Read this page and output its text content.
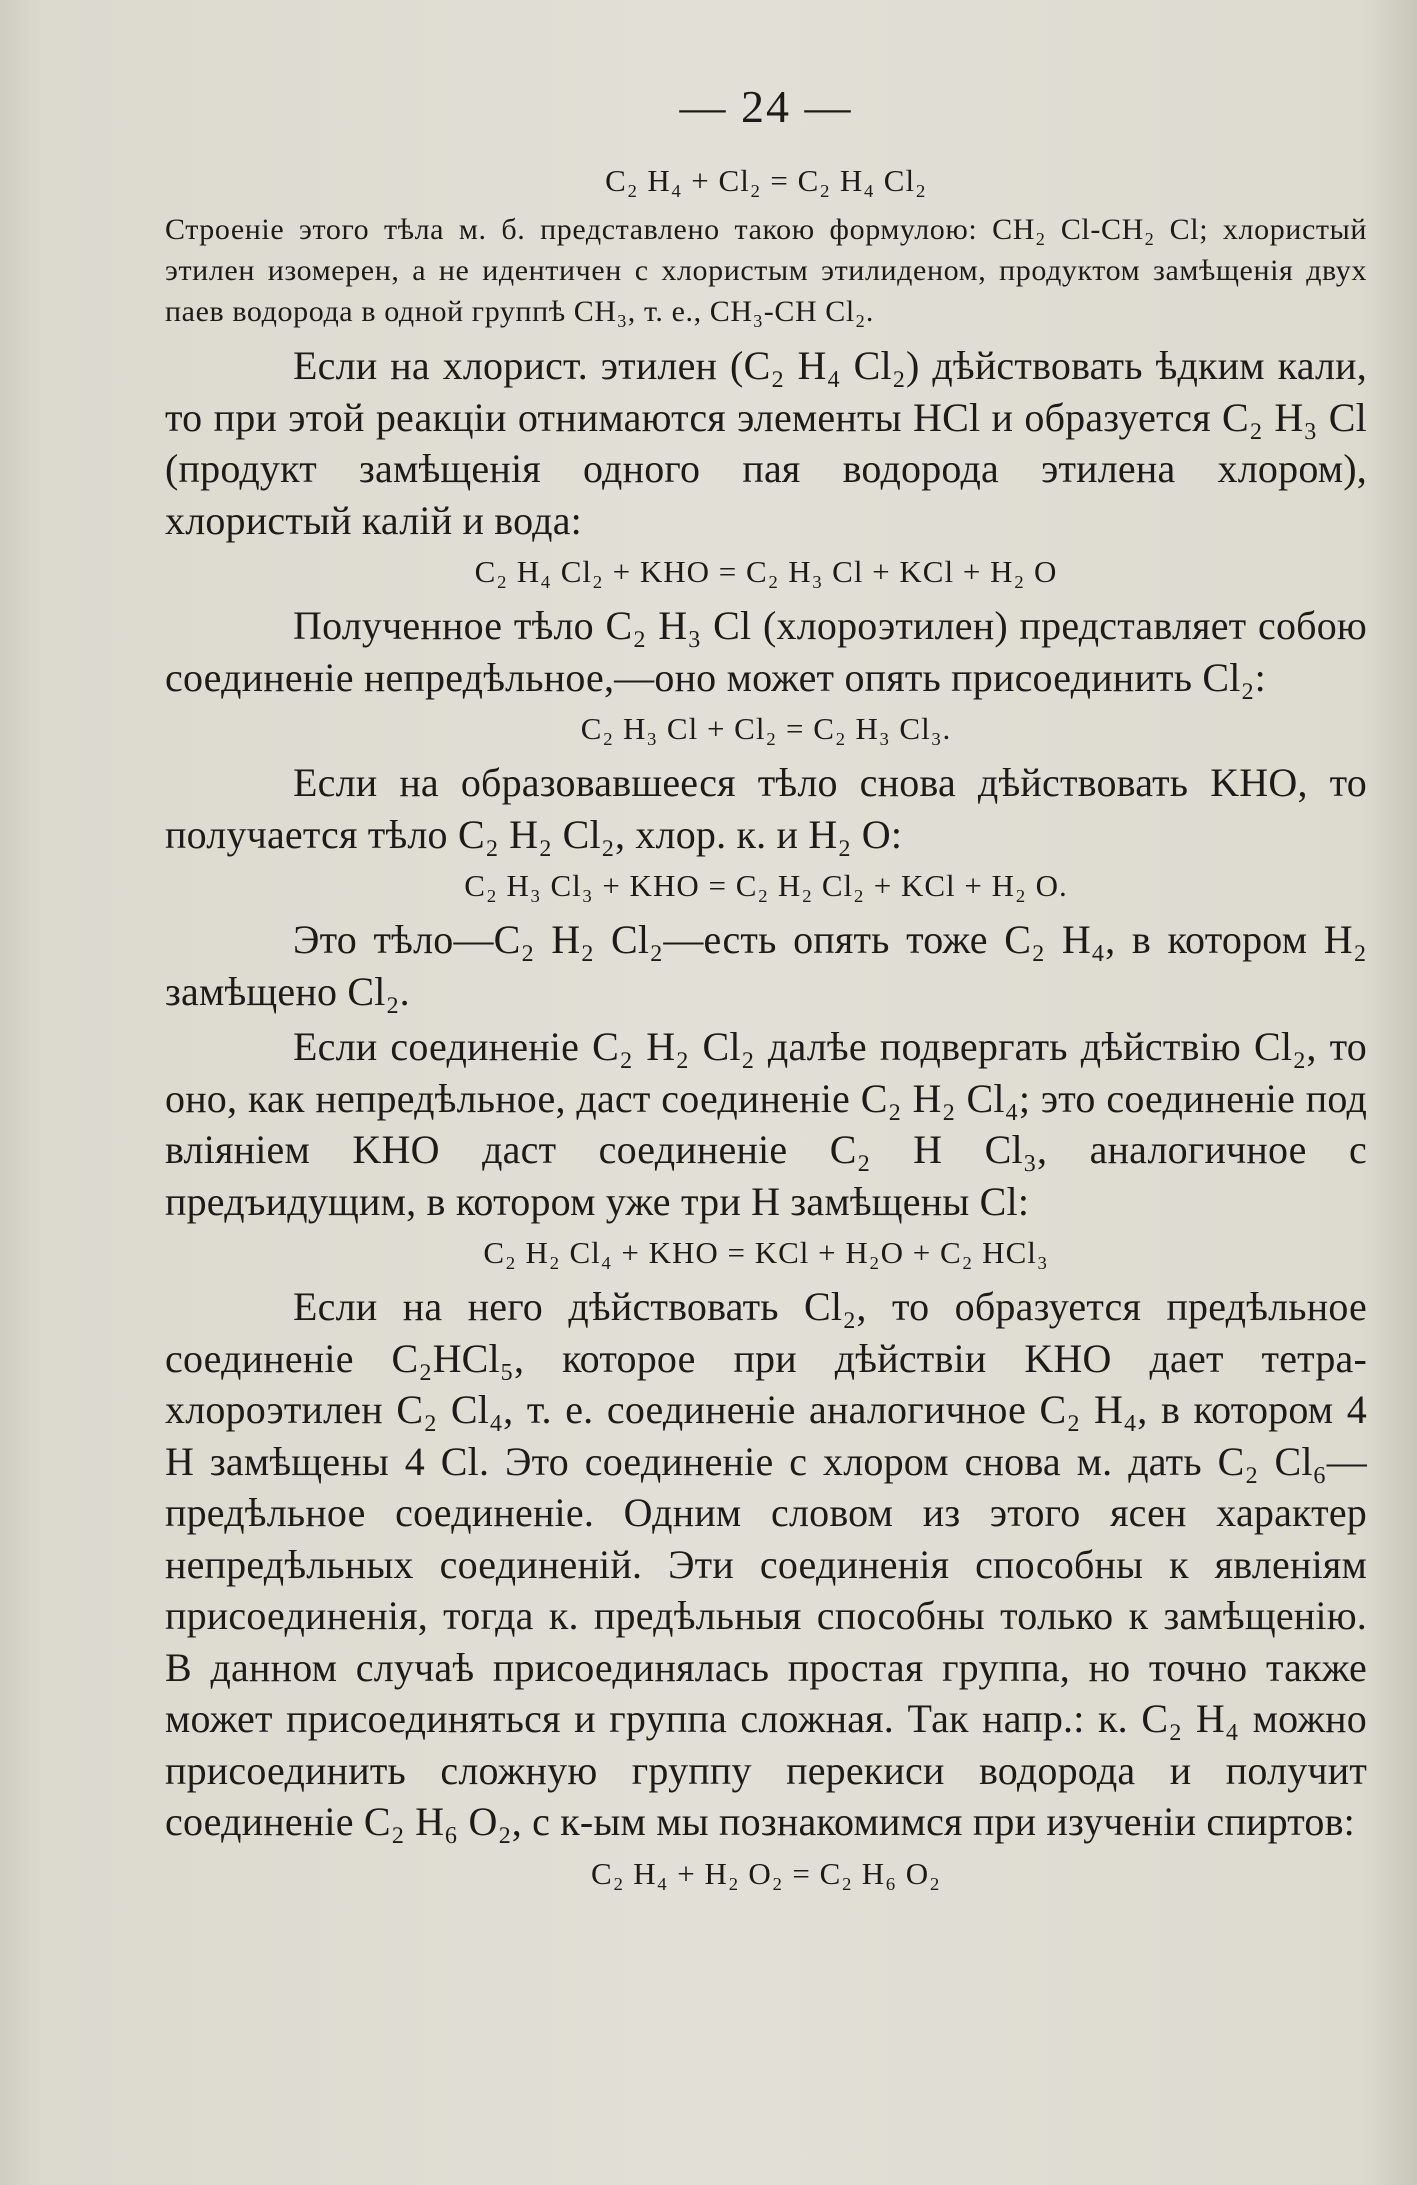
— 24 —
C₂ H₄ + Cl₂ = C₂ H₄ Cl₂

Строеніе этого тѣла м. б. представлено такою формулою: CH₂ Cl-CH₂ Cl; хлористый этилен изомерен, а не идентичен с хлористым этилиденом, продуктом замѣщенія двух паев водорода в одной группѣ CH₃, т. е., CH₃-CH Cl₂.

Если на хлорист. этилен (C₂ H₄ Cl₂) дѣйствовать ѣдким кали, то при этой реакціи отнимаются элементы HCl и образуется C₂ H₃ Cl (продукт замѣщенія одного пая водорода этилена хлором), хлористый калій и вода:

C₂ H₄ Cl₂ + KHO = C₂ H₃ Cl + KCl + H₂ O

Полученное тѣло C₂ H₃ Cl (хлороэтилен) представляет собою соединеніе непредѣльное,—оно может опять присоединить Cl₂:

C₂ H₃ Cl + Cl₂ = C₂ H₃ Cl₃.

Если на образовавшееся тѣло снова дѣйствовать KHO, то получается тѣло C₂ H₂ Cl₂, хлор. к. и H₂ O:

C₂ H₃ Cl₃ + KHO = C₂ H₂ Cl₂ + KCl + H₂ O.

Это тѣло—C₂ H₂ Cl₂—есть опять тоже C₂ H₄, в котором H₂ замѣщено Cl₂.

Если соединеніе C₂ H₂ Cl₂ далѣе подвергать дѣйствію Cl₂, то оно, как непредѣльное, даст соединеніе C₂ H₂ Cl₄; это соединеніе под вліяніем KHO даст соединеніе C₂ H Cl₃, аналогичное с предъидущим, в котором уже три H замѣщены Cl:

C₂ H₂ Cl₄ + KHO = KCl + H₂O + C₂ HCl₃

Если на него дѣйствовать Cl₂, то образуется предѣльное соединеніе C₂HCl₅, которое при дѣйствіи KHO дает тетра-хлороэтилен C₂ Cl₄, т. е. соединеніе аналогичное C₂ H₄, в котором 4 H замѣщены 4 Cl. Это соединеніе с хлором снова м. дать C₂ Cl₆—предѣльное соединеніе. Одним словом из этого ясен характер непредѣльных соединеній. Эти соединенія способны к явленіям присоединенія, тогда к. предѣльныя способны только к замѣщенію. В данном случаѣ присоединялась простая группа, но точно также может присоединяться и группа сложная. Так напр.: к. C₂ H₄ можно присоединить сложную группу перекиси водорода и получит соединеніе C₂ H₆ O₂, с к-ым мы познакомимся при изученіи спиртов:

C₂ H₄ + H₂ O₂ = C₂ H₆ O₂
